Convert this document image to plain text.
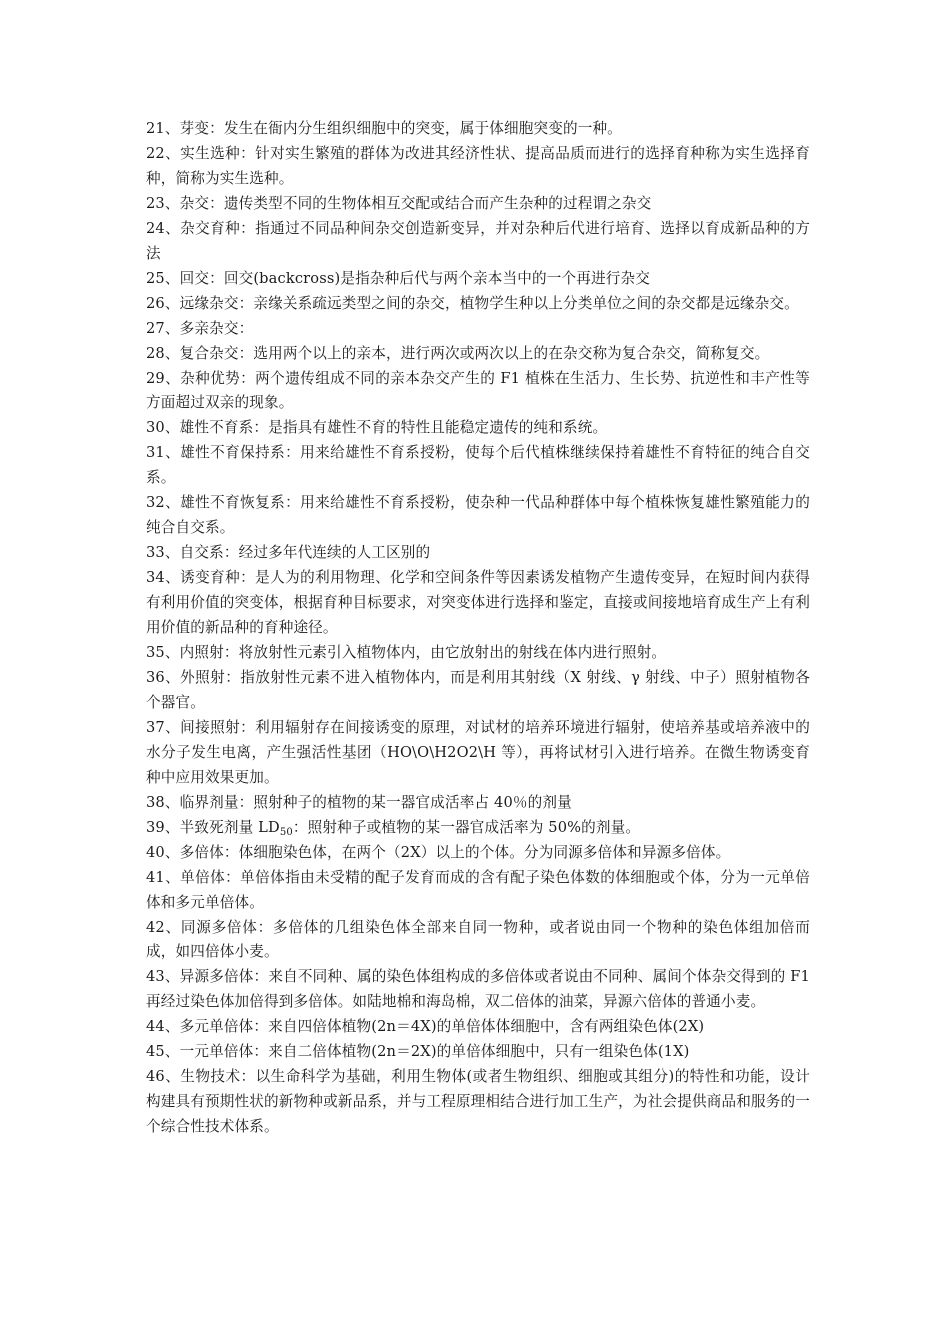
21、芽变：发生在衙内分生组织细胞中的突变，属于体细胞突变的一种。

22、实生选种：针对实生繁殖的群体为改进其经济性状、提高品质而进行的选择育种称为实生选择育种，简称为实生选种。

23、杂交：遗传类型不同的生物体相互交配或结合而产生杂种的过程谓之杂交

24、杂交育种：指通过不同品种间杂交创造新变异，并对杂种后代进行培育、选择以育成新品种的方法

25、回交：回交(backcross)是指杂种后代与两个亲本当中的一个再进行杂交

26、远缘杂交：亲缘关系疏远类型之间的杂交，植物学生种以上分类单位之间的杂交都是远缘杂交。

27、多亲杂交：

28、复合杂交：选用两个以上的亲本，进行两次或两次以上的在杂交称为复合杂交，简称复交。

29、杂种优势：两个遗传组成不同的亲本杂交产生的 F1 植株在生活力、生长势、抗逆性和丰产性等方面超过双亲的现象。

30、雄性不育系：是指具有雄性不育的特性且能稳定遗传的纯和系统。

31、雄性不育保持系：用来给雄性不育系授粉，使每个后代植株继续保持着雄性不育特征的纯合自交系。

32、雄性不育恢复系：用来给雄性不育系授粉，使杂种一代品种群体中每个植株恢复雄性繁殖能力的纯合自交系。

33、自交系：经过多年代连续的人工区别的

34、诱变育种：是人为的利用物理、化学和空间条件等因素诱发植物产生遗传变异，在短时间内获得有利用价值的突变体，根据育种目标要求，对突变体进行选择和鉴定，直接或间接地培育成生产上有利用价值的新品种的育种途径。

35、内照射：将放射性元素引入植物体内，由它放射出的射线在体内进行照射。

36、外照射：指放射性元素不进入植物体内，而是利用其射线（X 射线、γ 射线、中子）照射植物各个器官。

37、间接照射：利用辐射存在间接诱变的原理，对试材的培养环境进行辐射，使培养基或培养液中的水分子发生电离，产生强活性基团（HO\O\H2O2\H 等），再将试材引入进行培养。在微生物诱变育种中应用效果更加。

38、临界剂量：照射种子的植物的某一器官成活率占 40％的剂量

39、半致死剂量 $LD_{50}$：照射种子或植物的某一器官成活率为 50%的剂量。

40、多倍体：体细胞染色体，在两个（2X）以上的个体。分为同源多倍体和异源多倍体。

41、单倍体：单倍体指由未受精的配子发育而成的含有配子染色体数的体细胞或个体，分为一元单倍体和多元单倍体。

42、同源多倍体：多倍体的几组染色体全部来自同一物种，或者说由同一个物种的染色体组加倍而成，如四倍体小麦。

43、异源多倍体：来自不同种、属的染色体组构成的多倍体或者说由不同种、属间个体杂交得到的 F1 再经过染色体加倍得到多倍体。如陆地棉和海岛棉，双二倍体的油菜，异源六倍体的普通小麦。

44、多元单倍体：来自四倍体植物(2n＝4X)的单倍体体细胞中，含有两组染色体(2X)

45、一元单倍体：来自二倍体植物(2n＝2X)的单倍体细胞中，只有一组染色体(1X)

46、生物技术：以生命科学为基础，利用生物体(或者生物组织、细胞或其组分)的特性和功能，设计构建具有预期性状的新物种或新品系，并与工程原理相结合进行加工生产，为社会提供商品和服务的一个综合性技术体系。
